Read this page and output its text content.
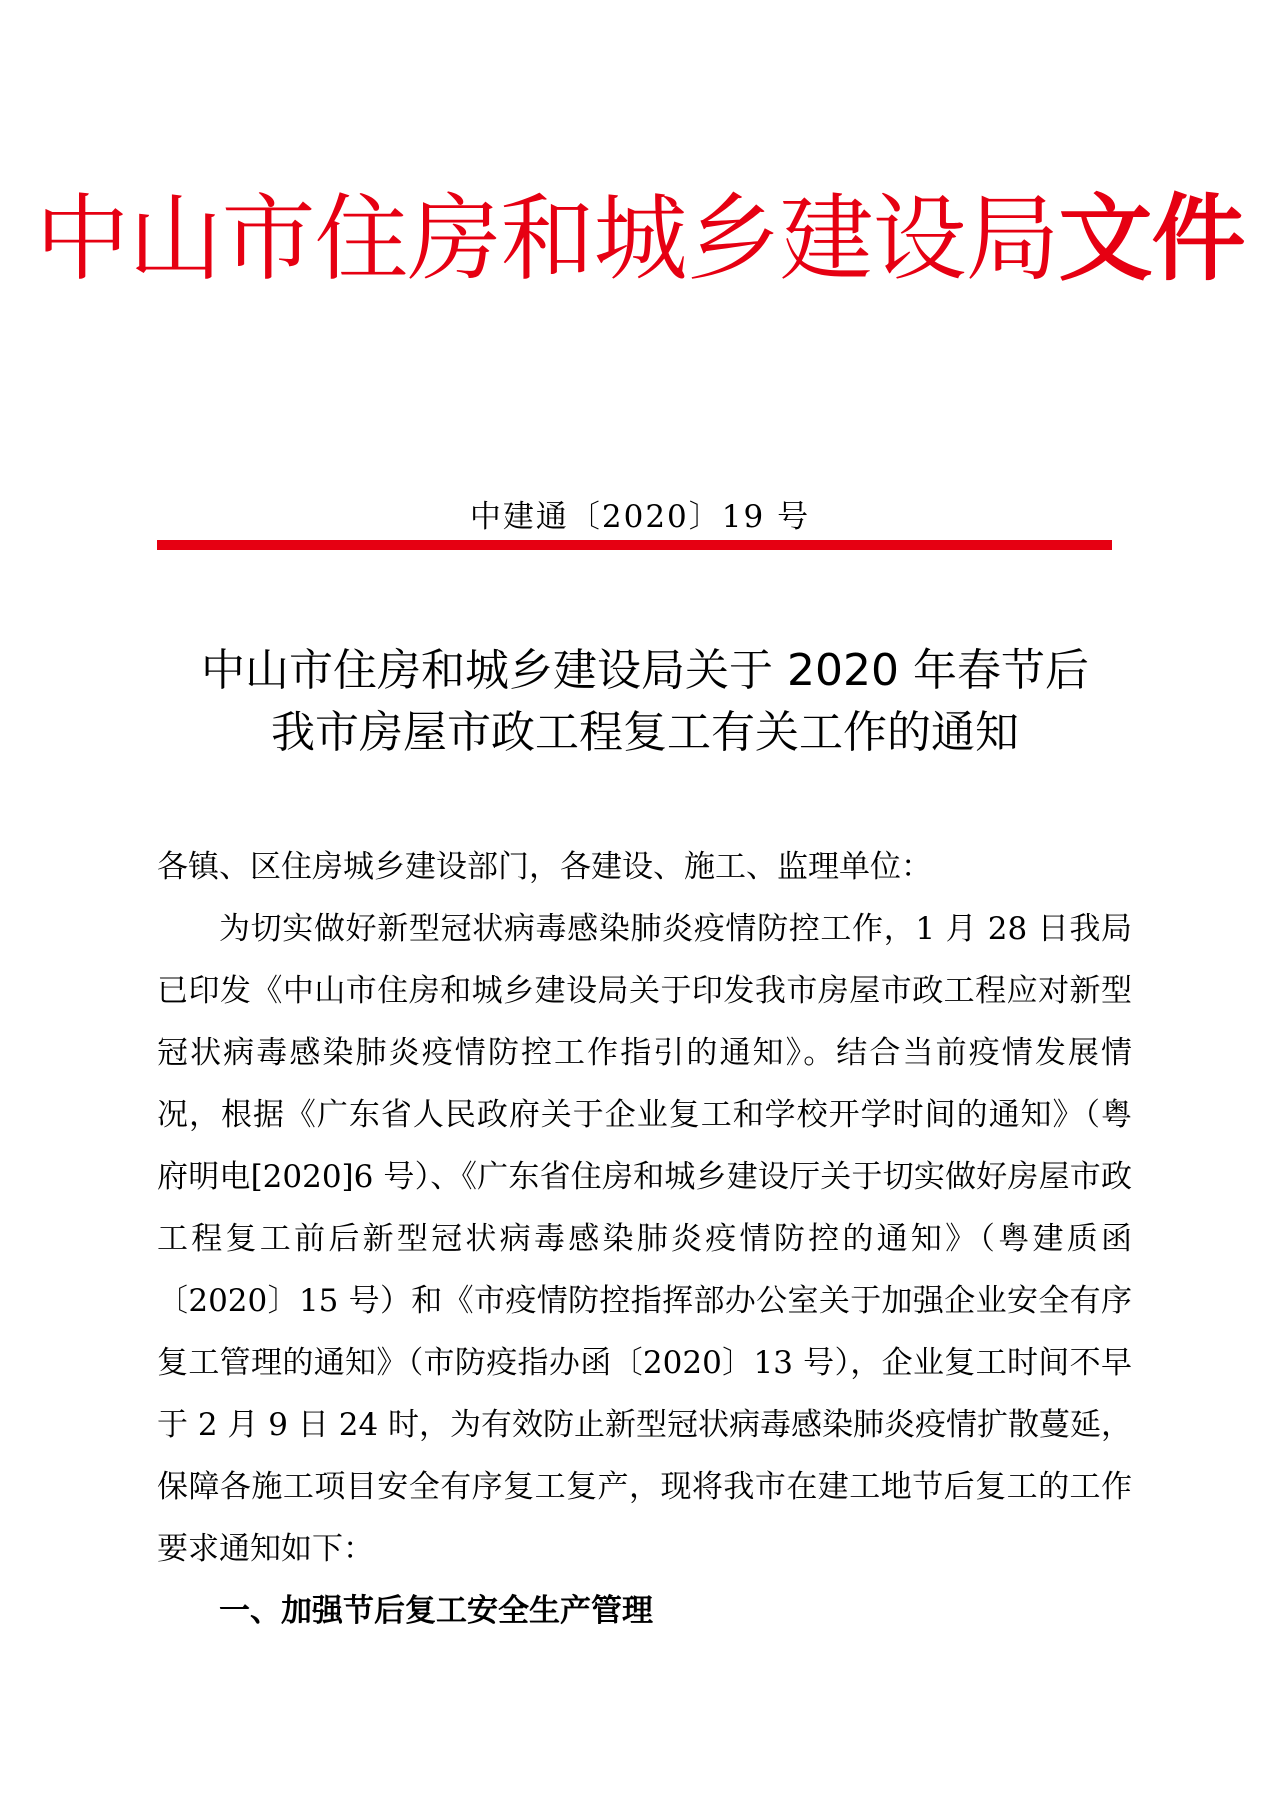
中山市住房和城乡建设局文件
中建通〔2020〕19 号
中山市住房和城乡建设局关于 2020 年春节后
我市房屋市政工程复工有关工作的通知
各镇、区住房城乡建设部门，各建设、施工、监理单位：

为切实做好新型冠状病毒感染肺炎疫情防控工作，1 月 28 日我局已印发《中山市住房和城乡建设局关于印发我市房屋市政工程应对新型冠状病毒感染肺炎疫情防控工作指引的通知》。结合当前疫情发展情况，根据《广东省人民政府关于企业复工和学校开学时间的通知》（粤府明电[2020]6 号）、《广东省住房和城乡建设厅关于切实做好房屋市政工程复工前后新型冠状病毒感染肺炎疫情防控的通知》（粤建质函〔2020〕15 号）和《市疫情防控指挥部办公室关于加强企业安全有序复工管理的通知》（市防疫指办函〔2020〕13 号），企业复工时间不早于 2 月 9 日 24 时，为有效防止新型冠状病毒感染肺炎疫情扩散蔓延，保障各施工项目安全有序复工复产，现将我市在建工地节后复工的工作要求通知如下：

一、加强节后复工安全生产管理
